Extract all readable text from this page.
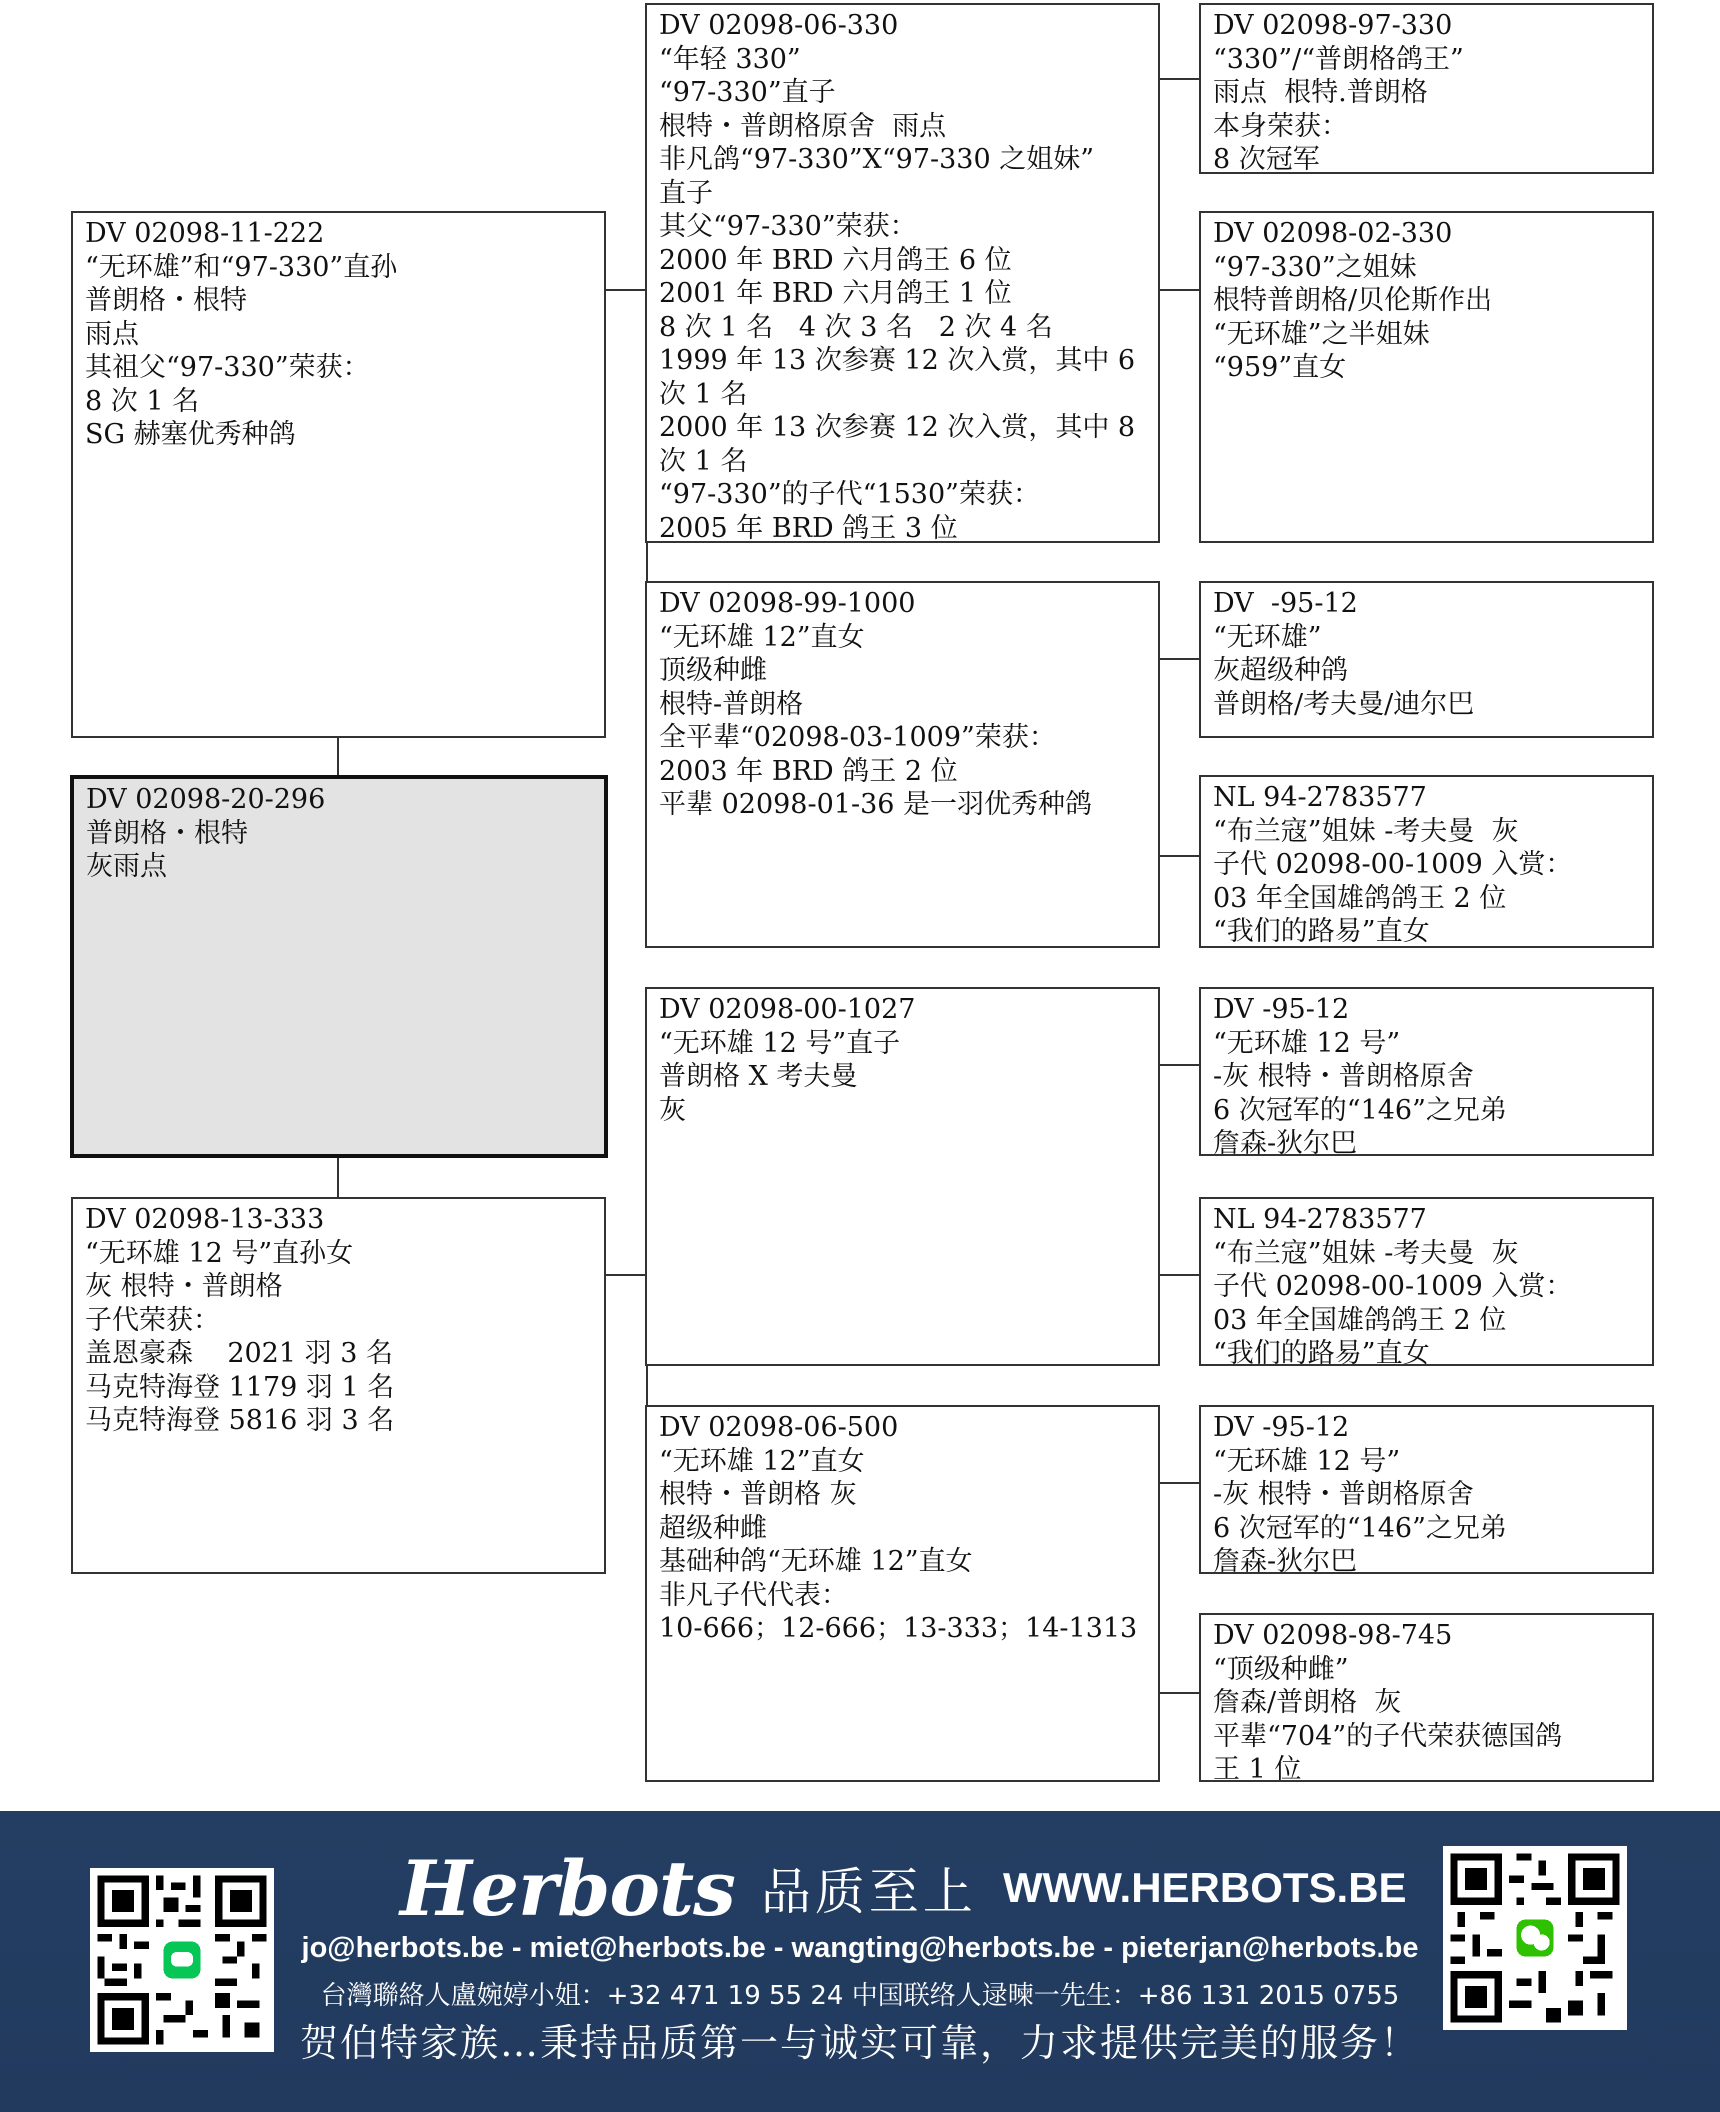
DV 02098-11-222
“无环雄”和“97-330”直孙
普朗格・根特
雨点
其祖父“97-330”荣获：
8 次 1 名
SG 赫塞优秀种鸽
DV 02098-20-296
普朗格・根特
灰雨点
DV 02098-13-333
“无环雄 12 号”直孙女
灰 根特・普朗格
子代荣获：
盖恩豪森    2021 羽 3 名
马克特海登 1179 羽 1 名
马克特海登 5816 羽 3 名
DV 02098-06-330
“年轻 330”
“97-330”直子
根特・普朗格原舍  雨点
非凡鸽“97-330”X“97-330 之姐妹”
直子
其父“97-330”荣获：
2000 年 BRD 六月鸽王 6 位
2001 年 BRD 六月鸽王 1 位
8 次 1 名   4 次 3 名   2 次 4 名
1999 年 13 次参赛 12 次入赏，其中 6
次 1 名
2000 年 13 次参赛 12 次入赏，其中 8
次 1 名
“97-330”的子代“1530”荣获：
2005 年 BRD 鸽王 3 位
DV 02098-99-1000
“无环雄 12”直女
顶级种雌
根特-普朗格
全平辈“02098-03-1009”荣获：
2003 年 BRD 鸽王 2 位
平辈 02098-01-36 是一羽优秀种鸽
DV 02098-00-1027
“无环雄 12 号”直子
普朗格 X 考夫曼
灰
DV 02098-06-500
“无环雄 12”直女
根特・普朗格 灰
超级种雌
基础种鸽“无环雄 12”直女
非凡子代代表：
10-666；12-666；13-333；14-1313
DV 02098-97-330
“330”/“普朗格鸽王”
雨点  根特.普朗格
本身荣获：
8 次冠军
DV 02098-02-330
“97-330”之姐妹
根特普朗格/贝伦斯作出
“无环雄”之半姐妹
“959”直女
DV  -95-12
“无环雄”
灰超级种鸽
普朗格/考夫曼/迪尔巴
NL 94-2783577
“布兰寇”姐妹 -考夫曼  灰
子代 02098-00-1009 入赏：
03 年全国雄鸽鸽王 2 位
“我们的路易”直女
DV -95-12
“无环雄 12 号”
-灰 根特・普朗格原舍
6 次冠军的“146”之兄弟
詹森-狄尔巴
NL 94-2783577
“布兰寇”姐妹 -考夫曼  灰
子代 02098-00-1009 入赏：
03 年全国雄鸽鸽王 2 位
“我们的路易”直女
DV -95-12
“无环雄 12 号”
-灰 根特・普朗格原舍
6 次冠军的“146”之兄弟
詹森-狄尔巴
DV 02098-98-745
“顶级种雌”
詹森/普朗格  灰
平辈“704”的子代荣获德国鸽
王 1 位
Herbots 品质至上 WWW.HERBOTS.BE
jo@herbots.be - miet@herbots.be - wangting@herbots.be - pieterjan@herbots.be
台灣聯絡人盧婉婷小姐：+32 471 19 55 24 中国联络人逯暕一先生：+86 131 2015 0755
贺伯特家族…秉持品质第一与诚实可靠，力求提供完美的服务！
